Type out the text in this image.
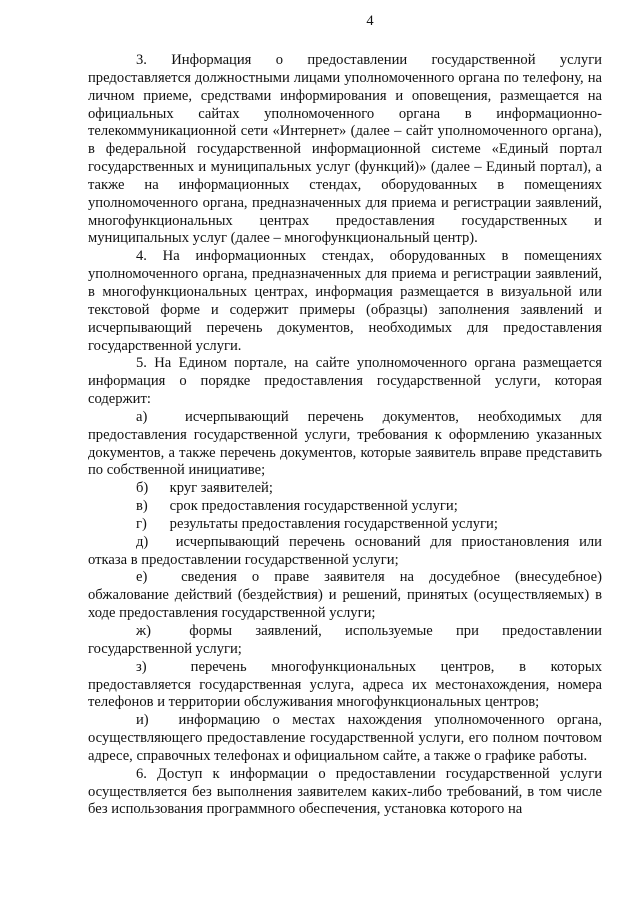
4

3. Информация о предоставлении государственной услуги предоставляется должностными лицами уполномоченного органа по телефону, на личном приеме, средствами информирования и оповещения, размещается на официальных сайтах уполномоченного органа в информационно-телекоммуникационной сети «Интернет» (далее – сайт уполномоченного органа), в федеральной государственной информационной системе «Единый портал государственных и муниципальных услуг (функций)» (далее – Единый портал), а также на информационных стендах, оборудованных в помещениях уполномоченного органа, предназначенных для приема и регистрации заявлений, многофункциональных центрах предоставления государственных и муниципальных услуг (далее – многофункциональный центр).

4. На информационных стендах, оборудованных в помещениях уполномоченного органа, предназначенных для приема и регистрации заявлений, в многофункциональных центрах, информация размещается в визуальной или текстовой форме и содержит примеры (образцы) заполнения заявлений и исчерпывающий перечень документов, необходимых для предоставления государственной услуги.

5. На Едином портале, на сайте уполномоченного органа размещается информация о порядке предоставления государственной услуги, которая содержит:

а)	исчерпывающий перечень документов, необходимых для предоставления государственной услуги, требования к оформлению указанных документов, а также перечень документов, которые заявитель вправе представить по собственной инициативе;

б) круг заявителей;

в) срок предоставления государственной услуги;

г) результаты предоставления государственной услуги;

д) исчерпывающий перечень оснований для приостановления или отказа в предоставлении государственной услуги;

е) сведения о праве заявителя на досудебное (внесудебное) обжалование действий (бездействия) и решений, принятых (осуществляемых) в ходе предоставления государственной услуги;

ж)	формы заявлений, используемые при предоставлении государственной услуги;

з)	перечень многофункциональных центров, в которых предоставляется государственная услуга, адреса их местонахождения, номера телефонов и территории обслуживания многофункциональных центров;

и) информацию о местах нахождения уполномоченного органа, осуществляющего предоставление государственной услуги, его полном почтовом адресе, справочных телефонах и официальном сайте, а также о графике работы.

6. Доступ к информации о предоставлении государственной услуги осуществляется без выполнения заявителем каких-либо требований, в том числе без использования программного обеспечения, установка которого на
